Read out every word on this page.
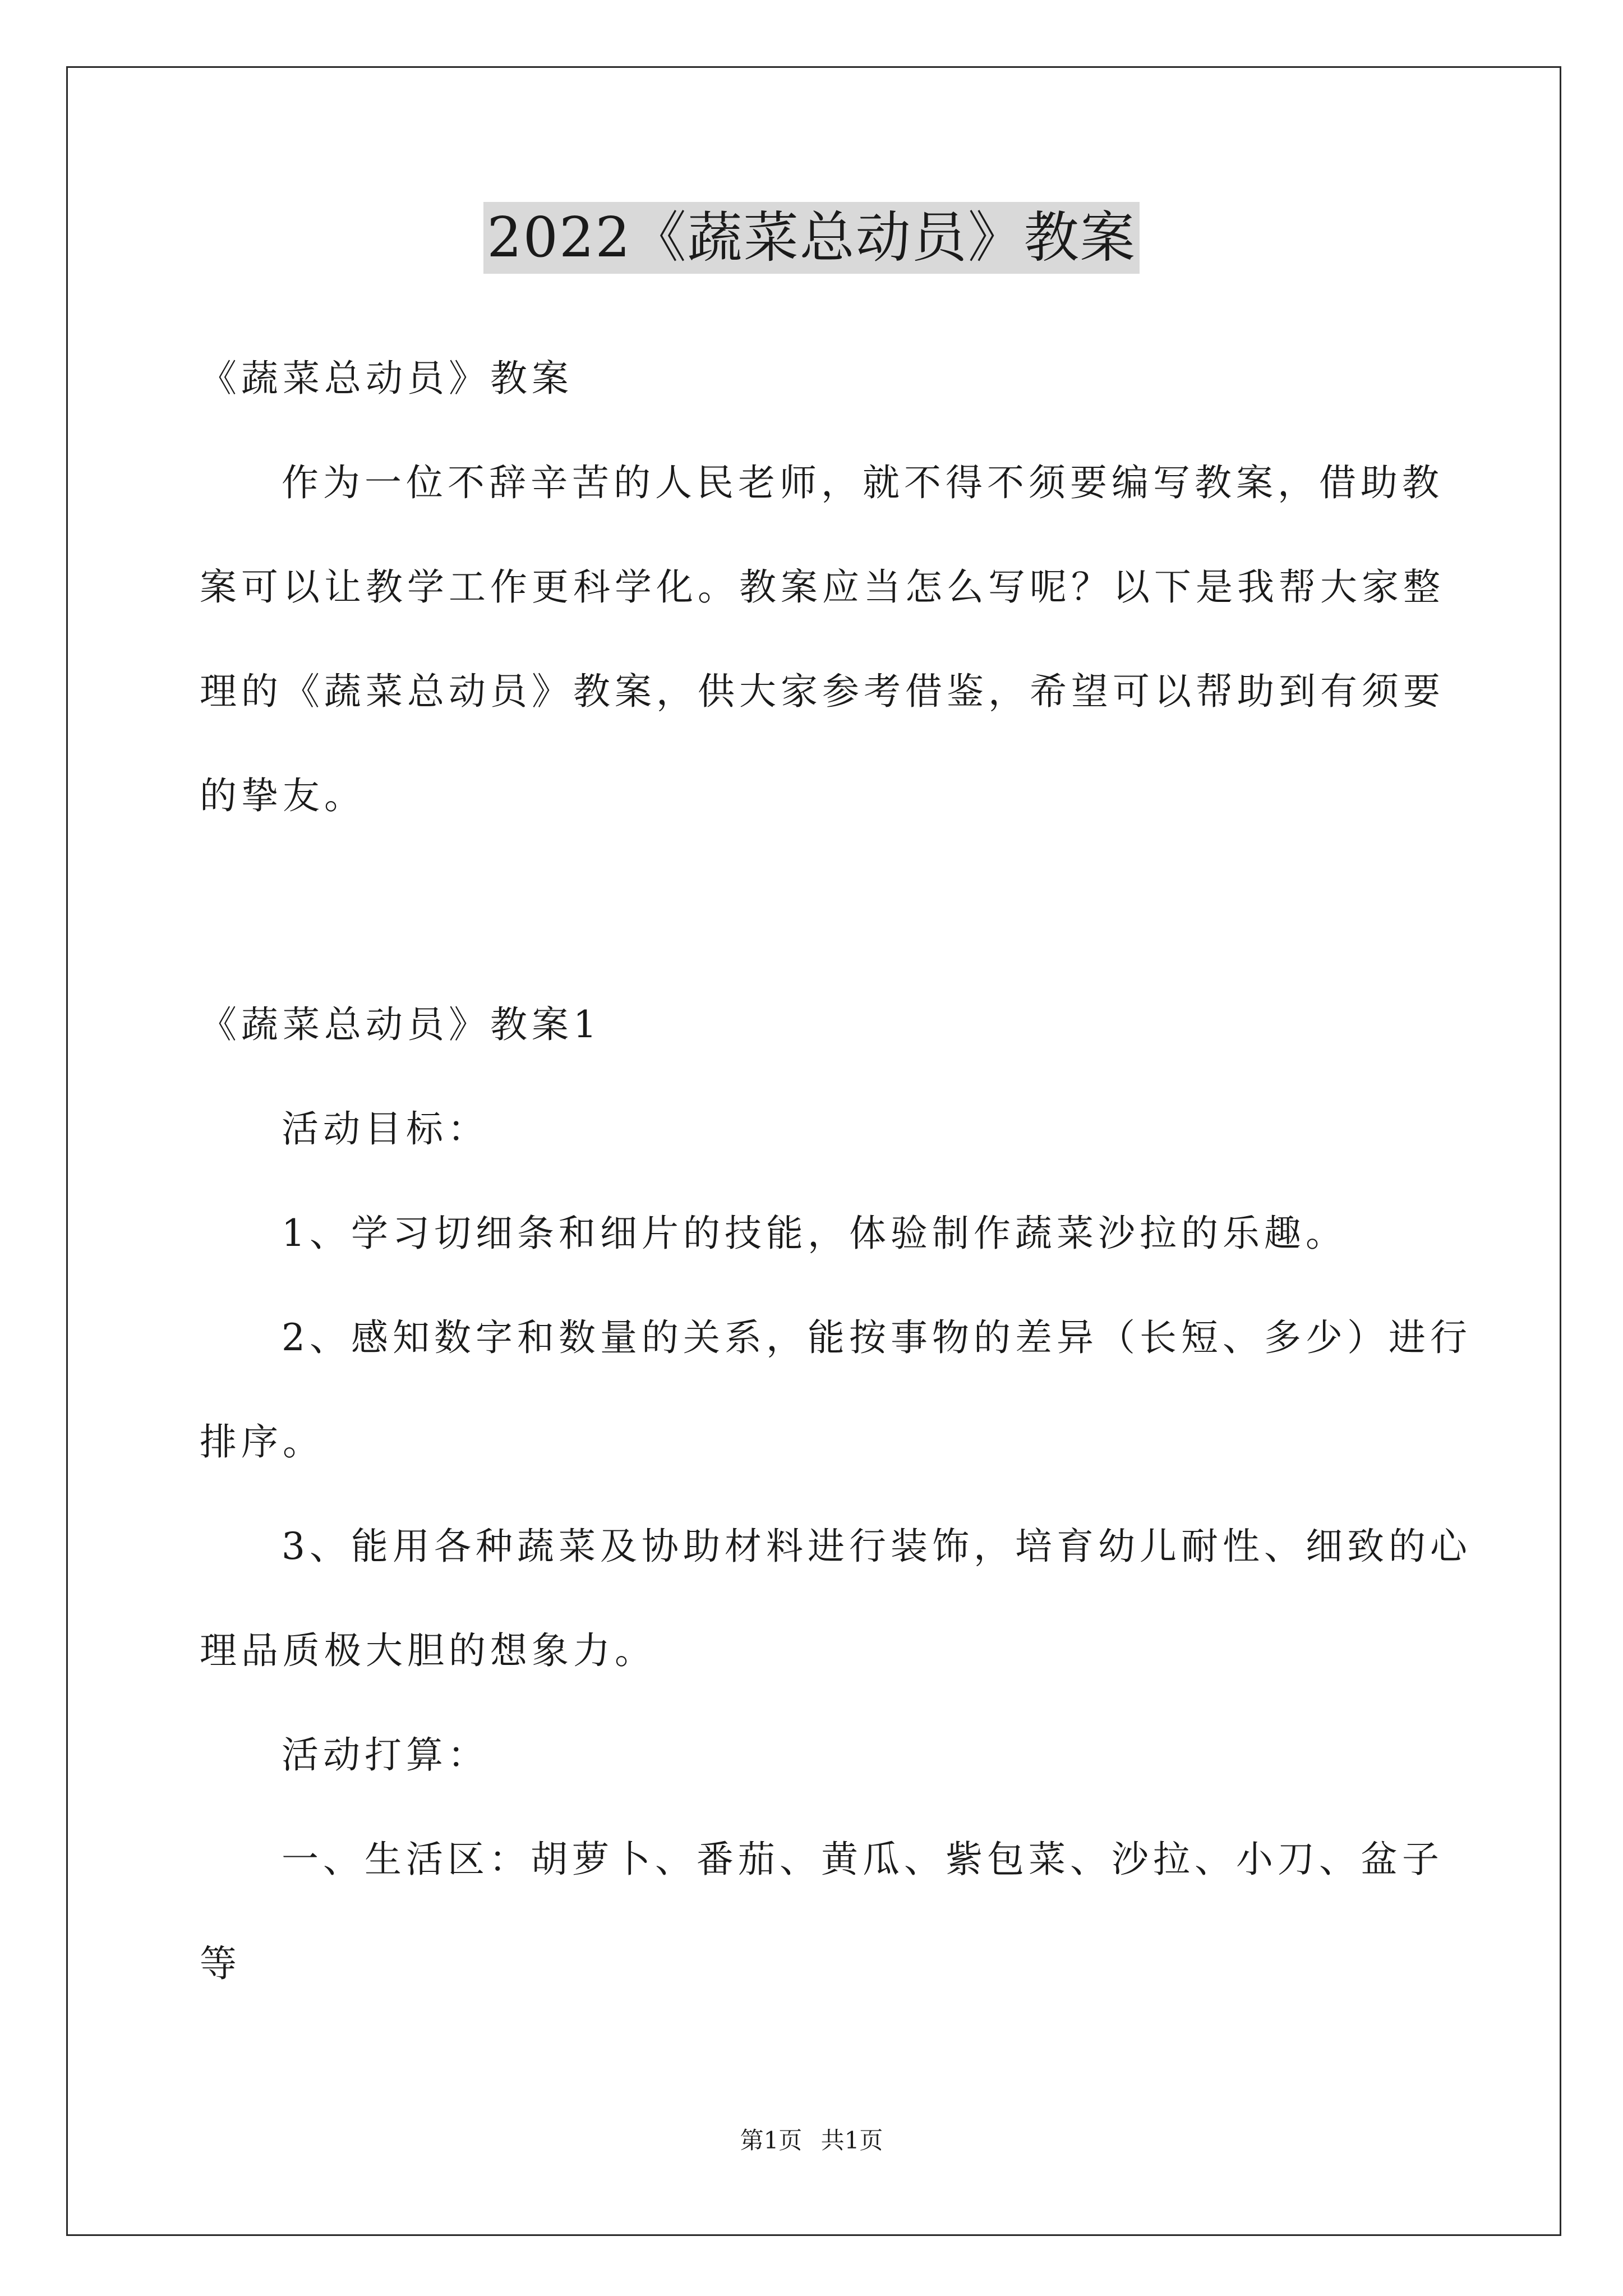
2022《蔬菜总动员》教案
《蔬菜总动员》教案
作为一位不辞辛苦的人民老师，就不得不须要编写教案，借助教
案可以让教学工作更科学化。教案应当怎么写呢？以下是我帮大家整
理的《蔬菜总动员》教案，供大家参考借鉴，希望可以帮助到有须要
的挚友。
《蔬菜总动员》教案1
活动目标：
1、学习切细条和细片的技能，体验制作蔬菜沙拉的乐趣。
2、感知数字和数量的关系，能按事物的差异（长短、多少）进行
排序。
3、能用各种蔬菜及协助材料进行装饰，培育幼儿耐性、细致的心
理品质极大胆的想象力。
活动打算：
一、生活区：胡萝卜、番茄、黄瓜、紫包菜、沙拉、小刀、盆子
等
第1页 共1页
